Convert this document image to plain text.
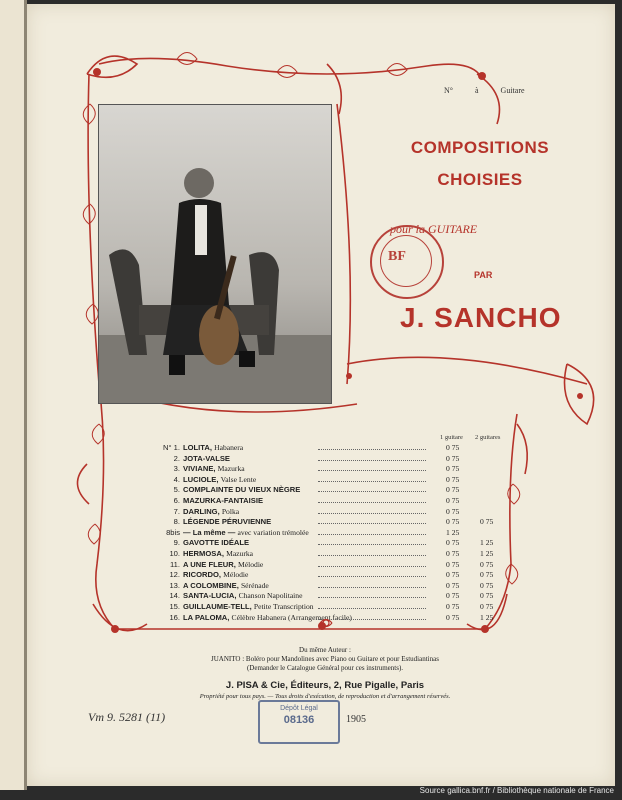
N°	à	Guitare
COMPOSITIONS
CHOISIES
pour la GUITARE
BF
PAR
J. SANCHO
1 guitare 2 guitares
N° 1. LOLITA, Habanera	0 75
2. JOTA-VALSE	0 75
3. VIVIANE, Mazurka	0 75
4. LUCIOLE, Valse Lente	0 75
5. COMPLAINTE DU VIEUX NÈGRE	0 75
6. MAZURKA-FANTAISIE	0 75
7. DARLING, Polka	0 75
8. LÉGENDE PÉRUVIENNE	0 75	0 75
8bis — La même — avec variation trémolée	1 25
9. GAVOTTE IDÉALE	0 75	1 25
10. HERMOSA, Mazurka	0 75	1 25
11. A UNE FLEUR, Mélodie	0 75	0 75
12. RICORDO, Mélodie	0 75	0 75
13. A COLOMBINE, Sérénade	0 75	0 75
14. SANTA-LUCIA, Chanson Napolitaine	0 75	0 75
15. GUILLAUME-TELL, Petite Transcription	0 75	0 75
16. LA PALOMA, Célèbre Habanera (Arrangement facile)	0 75	1 25
Du même Auteur :
JUANITO : Boléro pour Mandolines avec Piano ou Guitare et pour Estudiantinas
(Demander le Catalogue Général pour ces instruments).
J. PISA & Cie, Éditeurs, 2, Rue Pigalle, Paris
Propriété pour tous pays. — Tous droits d'exécution, de reproduction et d'arrangement réservés.
Vm 9. 5281 (11)
Dépôt Légal
08136	1905
Source gallica.bnf.fr / Bibliothèque nationale de France
